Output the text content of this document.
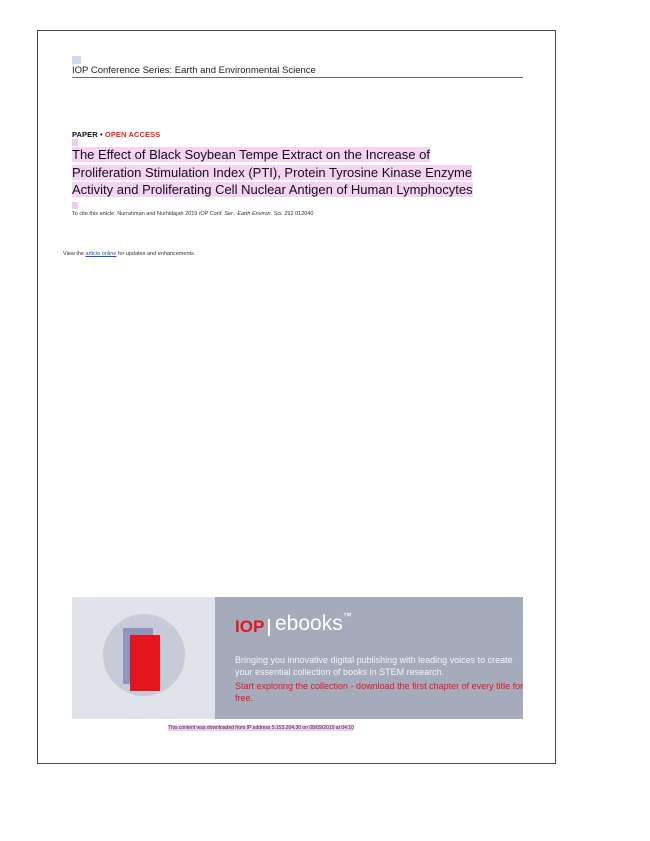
IOP Conference Series: Earth and Environmental Science
PAPER • OPEN ACCESS
The Effect of Black Soybean Tempe Extract on the Increase of
Proliferation Stimulation Index (PTI), Protein Tyrosine Kinase Enzyme
Activity and Proliferating Cell Nuclear Antigen of Human Lymphocytes
To cite this article: Nurrahman and Nurhidajah 2019 IOP Conf. Ser.: Earth Environ. Sci. 292 012040
View the article online for updates and enhancements.
IOP ebooks™
Bringing you innovative digital publishing with leading voices to create your essential collection of books in STEM research.
Start exploring the collection - download the first chapter of every title for free.
This content was downloaded from IP address 5.153.204.30 on 08/09/2019 at 04:10
